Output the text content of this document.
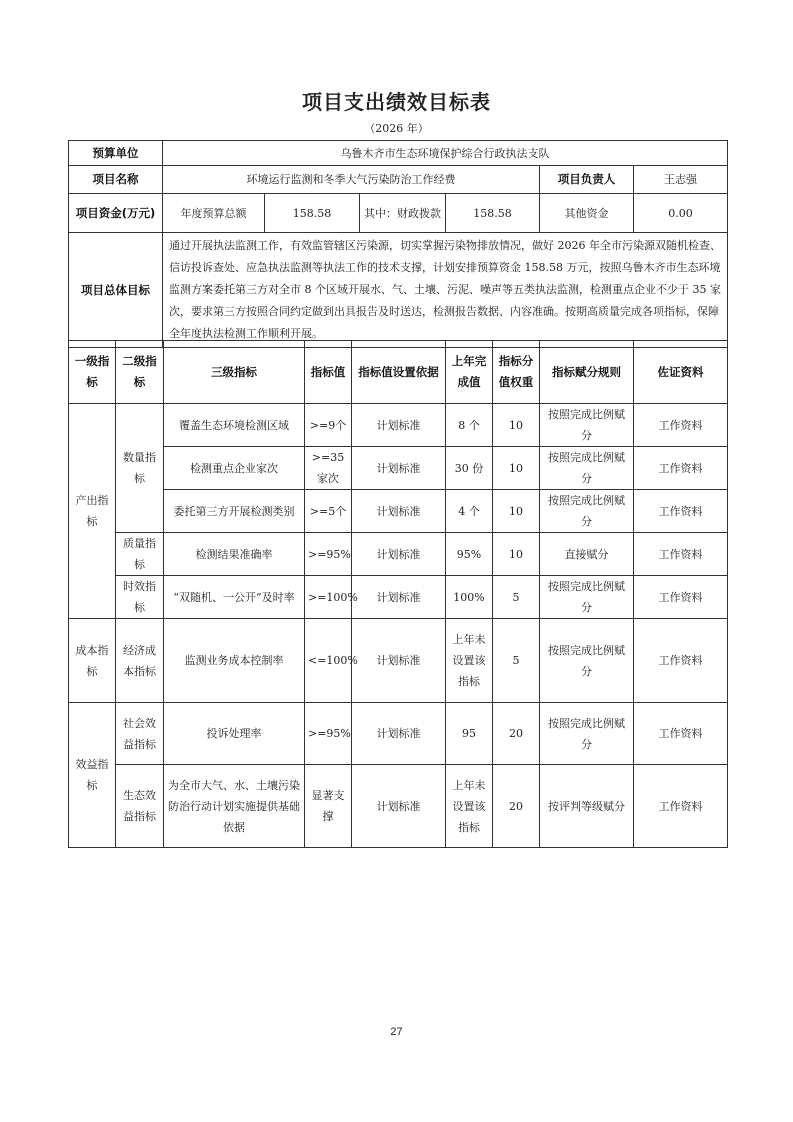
项目支出绩效目标表
（2026 年）
预算单位	乌鲁木齐市生态环境保护综合行政执法支队					
项目名称	环境运行监测和冬季大气污染防治工作经费				项目负责人	王志强
项目资金(万元)	年度预算总额	158.58	其中：财政拨款	158.58	其他资金	0.00
项目总体目标	通过开展执法监测工作，有效监管辖区污染源，切实掌握污染物排放情况，做好 2026 年全市污染源双随机检查、信访投诉查处、应急执法监测等执法工作的技术支撑，计划安排预算资金 158.58 万元，按照乌鲁木齐市生态环境监测方案委托第三方对全市 8 个区域开展水、气、土壤、污泥、噪声等五类执法监测，检测重点企业不少于 35 家次，要求第三方按照合同约定做到出具报告及时送达，检测报告数据、内容准确。按期高质量完成各项指标，保障全年度执法检测工作顺利开展。					
一级指标	二级指标	三级指标	指标值	指标值设置依据	上年完成值	指标分值权重	指标赋分规则	佐证资料
产出指标	数量指标	覆盖生态环境检测区域	>=9个	计划标准	8 个	10	按照完成比例赋分	工作资料
		检测重点企业家次	>=35家次	计划标准	30 份	10	按照完成比例赋分	工作资料
		委托第三方开展检测类别	>=5个	计划标准	4 个	10	按照完成比例赋分	工作资料
	质量指标	检测结果准确率	>=95%	计划标准	95%	10	直接赋分	工作资料
	时效指标	“双随机、一公开”及时率	>=100%	计划标准	100%	5	按照完成比例赋分	工作资料
成本指标	经济成本指标	监测业务成本控制率	<=100%	计划标准	上年未设置该指标	5	按照完成比例赋分	工作资料
效益指标	社会效益指标	投诉处理率	>=95%	计划标准	95	20	按照完成比例赋分	工作资料
	生态效益指标	为全市大气、水、土壤污染防治行动计划实施提供基础依据	显著支撑	计划标准	上年未设置该指标	20	按评判等级赋分	工作资料
27
